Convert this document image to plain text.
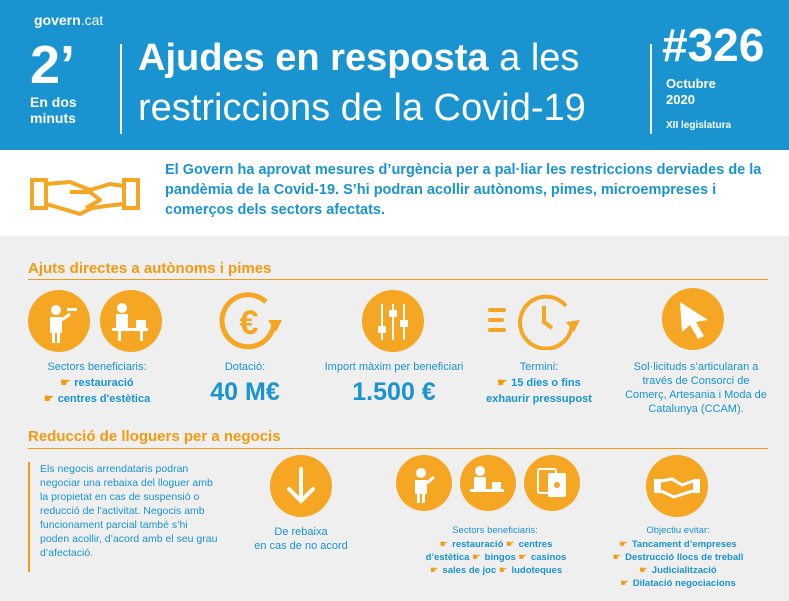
govern.cat
2’
En dos minuts
Ajudes en resposta a les
restriccions de la Covid-19
#326
Octubre
2020
XII legislatura
El Govern ha aprovat mesures d’urgència per a pal·liar les restriccions derviades de la pandèmia de la Covid-19. S’hi podran acollir autònoms, pimes, microempreses i comerços dels sectors afectats.
Ajuts directes a autònoms i pimes
Sectors beneficiaris:
☛ restauració
☛ centres d'estètica
€
Dotació:
40 M€
Import màxim per beneficiari
1.500 €
Termini:
☛ 15 dies o fins
exhaurir pressupost
Sol·licituds s’articularan a través de Consorci de Comerç, Artesania i Moda de Catalunya (CCAM).
Reducció de lloguers per a negocis
Els negocis arrendataris podran negociar una rebaixa del lloguer amb la propietat en cas de suspensió o reducció de l’activitat. Negocis amb funcionament parcial també s’hi poden acollir, d’acord amb el seu grau d’afectació.
De rebaixa
en cas de no acord
Sectors beneficiaris:
☛ restauració ☛ centres
d’estètica ☛ bingos ☛ casinos
☛ sales de joc ☛ ludoteques
Objectiu evitar:
☛ Tancament d’empreses
☛ Destrucció llocs de treball
☛ Judicialització
☛ Dilatació negociacions
